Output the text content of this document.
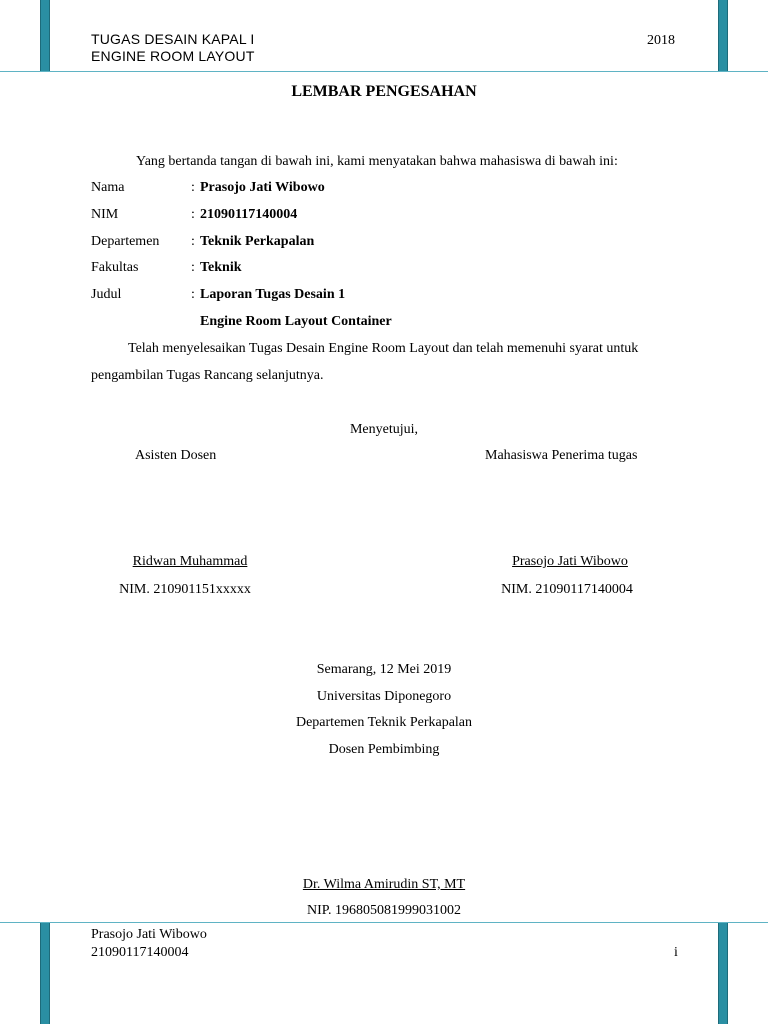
TUGAS DESAIN KAPAL I
ENGINE ROOM LAYOUT
2018
LEMBAR PENGESAHAN
Yang bertanda tangan di bawah ini, kami menyatakan bahwa mahasiswa di bawah ini:
Nama	: Prasojo Jati Wibowo
NIM	: 21090117140004
Departemen : Teknik Perkapalan
Fakultas	: Teknik
Judul	: Laporan Tugas Desain 1
Engine Room Layout Container
Telah menyelesaikan Tugas Desain Engine Room Layout dan telah memenuhi syarat untuk
pengambilan Tugas Rancang selanjutnya.
Menyetujui,
Asisten Dosen	Mahasiswa Penerima tugas
Ridwan Muhammad
NIM. 210901151xxxxx
Prasojo Jati Wibowo
NIM. 21090117140004
Semarang, 12 Mei 2019
Universitas Diponegoro
Departemen Teknik Perkapalan
Dosen Pembimbing
Dr. Wilma Amirudin ST, MT
NIP. 196805081999031002
Prasojo Jati Wibowo
21090117140004	i
